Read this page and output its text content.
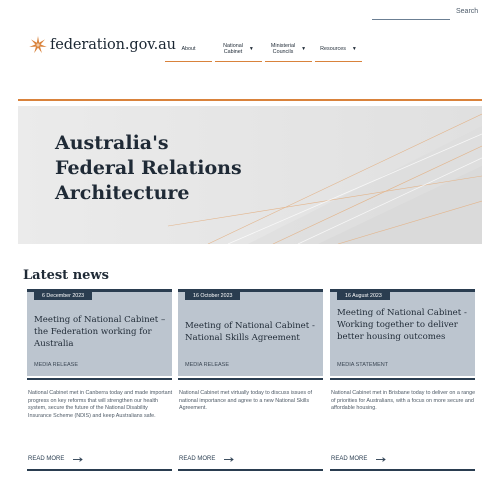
Search
federation.gov.au About	National
Cabinet ▼
Ministerial
Councils	▼	Resources ▼
Australia's
Federal Relations
Architecture
Latest news
6 December 2023
Meeting of National Cabinet – the Federation working for Australia
MEDIA RELEASE

National Cabinet met in Canberra today and made important progress on key reforms that will strengthen our health system, secure the future of the National Disability Insurance Scheme (NDIS) and keep Australians safe.

READ MORE
16 October 2023
Meeting of National Cabinet - National Skills Agreement
MEDIA RELEASE

National Cabinet met virtually today to discuss issues of national importance and agree to a new National Skills Agreement.

READ MORE
16 August 2023
Meeting of National Cabinet - Working together to deliver better housing outcomes
MEDIA STATEMENT

National Cabinet met in Brisbane today to deliver on a range of priorities for Australians, with a focus on more secure and affordable housing.

READ MORE
